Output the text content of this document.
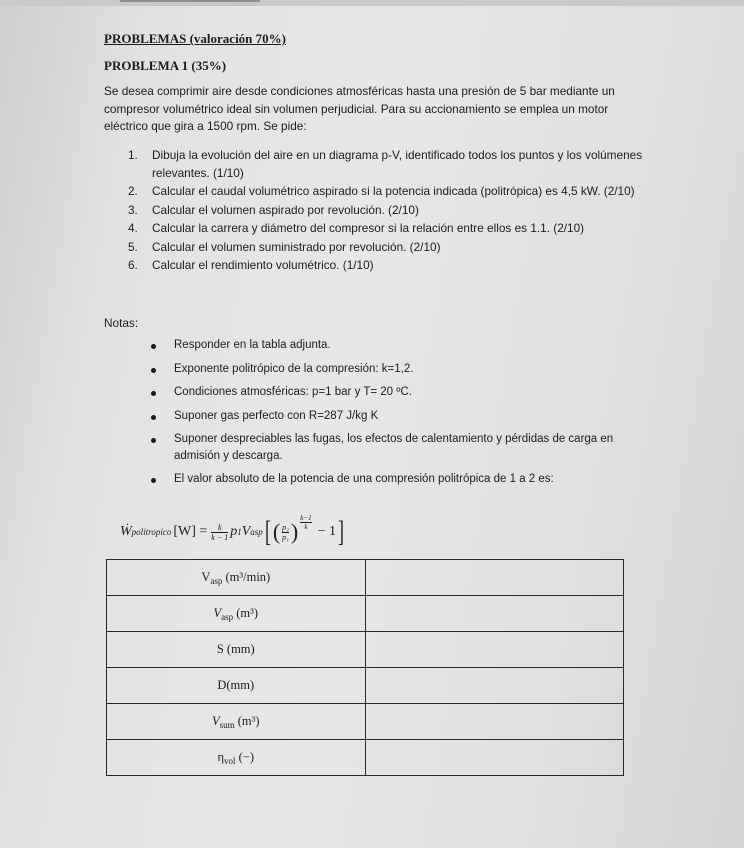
PROBLEMAS (valoración 70%)
PROBLEMA 1 (35%)
Se desea comprimir aire desde condiciones atmosféricas hasta una presión de 5 bar mediante un compresor volumétrico ideal sin volumen perjudicial. Para su accionamiento se emplea un motor eléctrico que gira a 1500 rpm. Se pide:
1. Dibuja la evolución del aire en un diagrama p-V, identificado todos los puntos y los volúmenes relevantes. (1/10)
2. Calcular el caudal volumétrico aspirado si la potencia indicada (politrópica) es 4,5 kW. (2/10)
3. Calcular el volumen aspirado por revolución. (2/10)
4. Calcular la carrera y diámetro del compresor si la relación entre ellos es 1.1. (2/10)
5. Calcular el volumen suministrado por revolución. (2/10)
6. Calcular el rendimiento volumétrico. (1/10)
Notas:
Responder en la tabla adjunta.
Exponente politrópico de la compresión: k=1,2.
Condiciones atmosféricas: p=1 bar y T= 20 ºC.
Suponer gas perfecto con R=287 J/kg K
Suponer despreciables las fugas, los efectos de calentamiento y pérdidas de carga en admisión y descarga.
El valor absoluto de la potencia de una compresión politrópica de 1 a 2 es:
Ẇ politropico $[W] = \frac{k}{k - 1}$ p 1 V asp [ ( $\frac{\text{p₂}}{\text{p₁}}$ ) $\frac{k-1}{k}$
− 1 ]
$V_{asp}$ (m³/min)	
$V_{asp}$ (m³)	
S (mm)	
D(mm)	
$V_{sum}$ (m³)	
$\eta_{vol}$ (−)	
